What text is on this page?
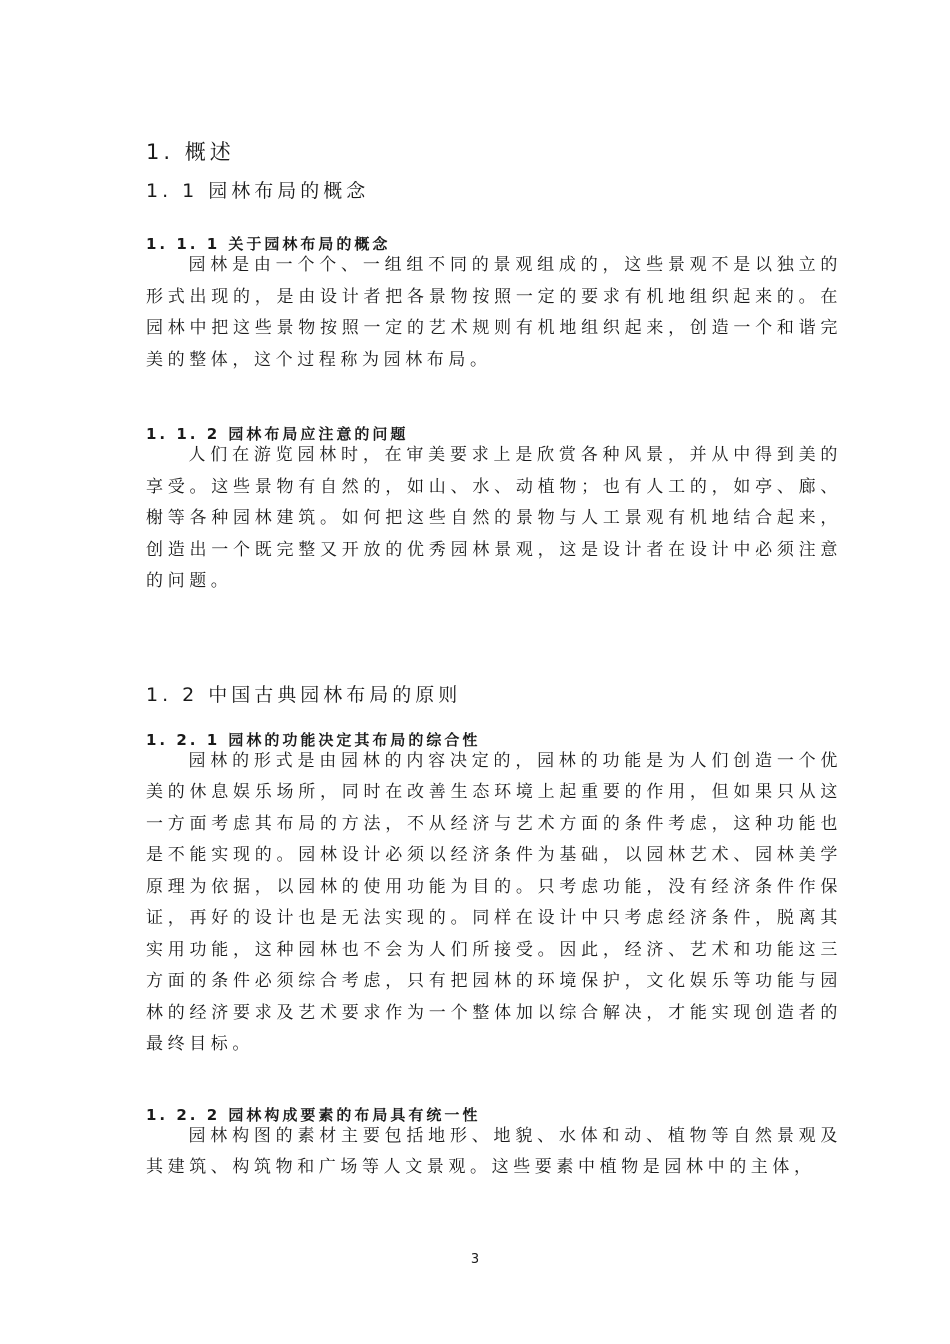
1. 概述
1. 1 园林布局的概念
1. 1. 1 关于园林布局的概念

园林是由一个个、一组组不同的景观组成的，这些景观不是以独立的形式出现的，是由设计者把各景物按照一定的要求有机地组织起来的。在园林中把这些景物按照一定的艺术规则有机地组织起来，创造一个和谐完美的整体，这个过程称为园林布局。

1. 1. 2 园林布局应注意的问题

人们在游览园林时，在审美要求上是欣赏各种风景，并从中得到美的享受。这些景物有自然的，如山、水、动植物；也有人工的，如亭、廊、榭等各种园林建筑。如何把这些自然的景物与人工景观有机地结合起来，创造出一个既完整又开放的优秀园林景观，这是设计者在设计中必须注意的问题。

1. 2 中国古典园林布局的原则
1. 2. 1 园林的功能决定其布局的综合性

园林的形式是由园林的内容决定的，园林的功能是为人们创造一个优美的休息娱乐场所，同时在改善生态环境上起重要的作用，但如果只从这一方面考虑其布局的方法，不从经济与艺术方面的条件考虑，这种功能也是不能实现的。园林设计必须以经济条件为基础，以园林艺术、园林美学原理为依据，以园林的使用功能为目的。只考虑功能，没有经济条件作保证，再好的设计也是无法实现的。同样在设计中只考虑经济条件，脱离其实用功能，这种园林也不会为人们所接受。因此，经济、艺术和功能这三方面的条件必须综合考虑，只有把园林的环境保护，文化娱乐等功能与园林的经济要求及艺术要求作为一个整体加以综合解决，才能实现创造者的最终目标。

1. 2. 2 园林构成要素的布局具有统一性

园林构图的素材主要包括地形、地貌、水体和动、植物等自然景观及其建筑、构筑物和广场等人文景观。这些要素中植物是园林中的主体，

3
